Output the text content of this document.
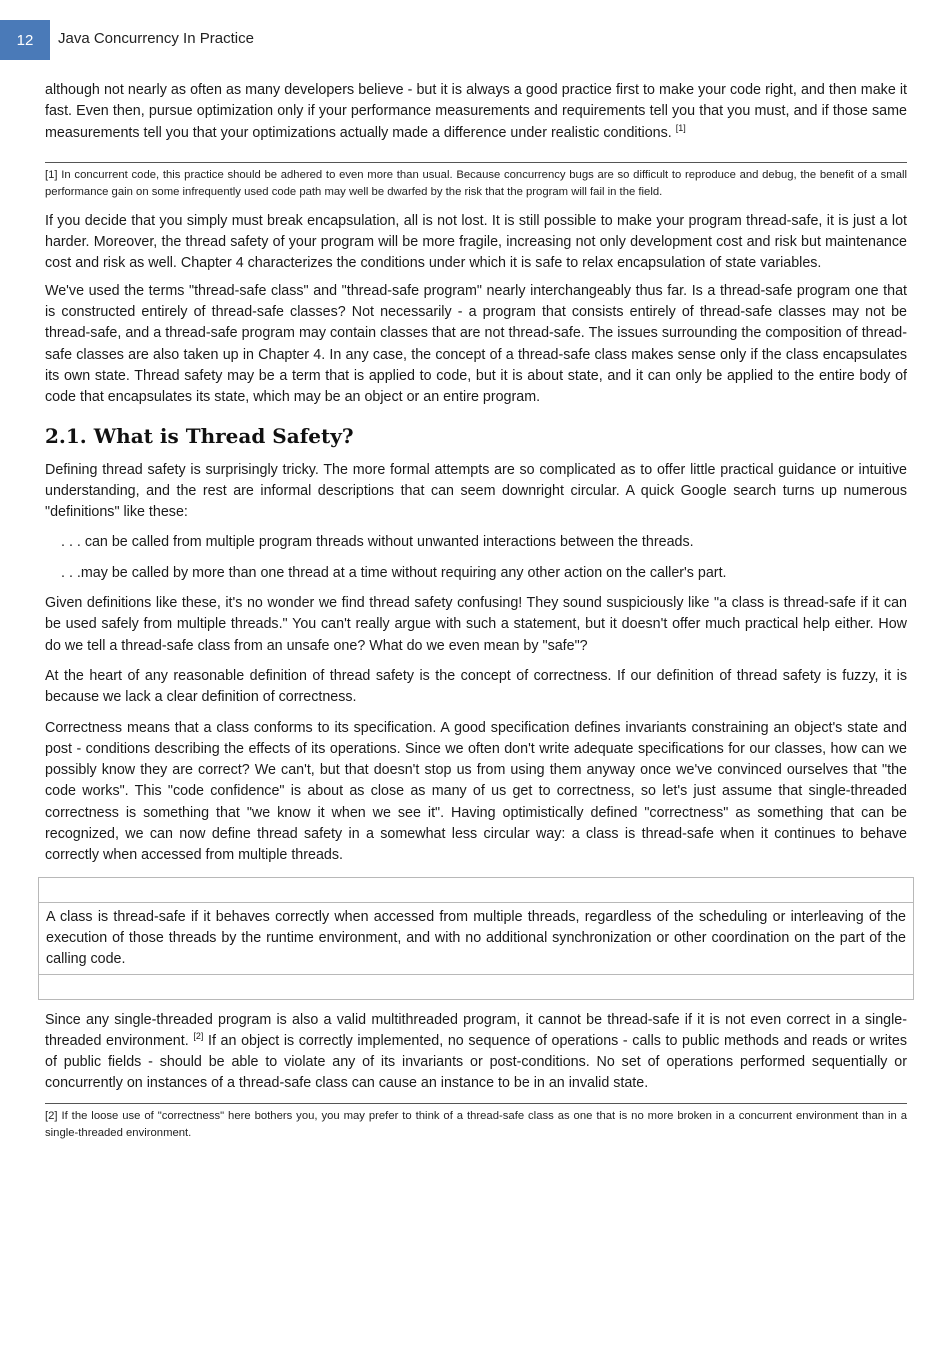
12	Java Concurrency In Practice

although not nearly as often as many developers believe - but it is always a good practice first to make your code right, and then make it fast. Even then, pursue optimization only if your performance measurements and requirements tell you that you must, and if those same measurements tell you that your optimizations actually made a difference under realistic conditions. [1]

[1] In concurrent code, this practice should be adhered to even more than usual. Because concurrency bugs are so difficult to reproduce and debug, the benefit of a small performance gain on some infrequently used code path may well be dwarfed by the risk that the program will fail in the field.

If you decide that you simply must break encapsulation, all is not lost. It is still possible to make your program thread-safe, it is just a lot harder. Moreover, the thread safety of your program will be more fragile, increasing not only development cost and risk but maintenance cost and risk as well. Chapter 4 characterizes the conditions under which it is safe to relax encapsulation of state variables.

We've used the terms "thread-safe class" and "thread-safe program" nearly interchangeably thus far. Is a thread-safe program one that is constructed entirely of thread-safe classes? Not necessarily - a program that consists entirely of thread-safe classes may not be thread-safe, and a thread-safe program may contain classes that are not thread-safe. The issues surrounding the composition of thread-safe classes are also taken up in Chapter 4. In any case, the concept of a thread-safe class makes sense only if the class encapsulates its own state. Thread safety may be a term that is applied to code, but it is about state, and it can only be applied to the entire body of code that encapsulates its state, which may be an object or an entire program.

2.1. What is Thread Safety?

Defining thread safety is surprisingly tricky. The more formal attempts are so complicated as to offer little practical guidance or intuitive understanding, and the rest are informal descriptions that can seem downright circular. A quick Google search turns up numerous "definitions" like these:

. . . can be called from multiple program threads without unwanted interactions between the threads.
. . .may be called by more than one thread at a time without requiring any other action on the caller's part.

Given definitions like these, it's no wonder we find thread safety confusing! They sound suspiciously like "a class is thread-safe if it can be used safely from multiple threads." You can't really argue with such a statement, but it doesn't offer much practical help either. How do we tell a thread-safe class from an unsafe one? What do we even mean by "safe"?

At the heart of any reasonable definition of thread safety is the concept of correctness. If our definition of thread safety is fuzzy, it is because we lack a clear definition of correctness.

Correctness means that a class conforms to its specification. A good specification defines invariants constraining an object's state and post - conditions describing the effects of its operations. Since we often don't write adequate specifications for our classes, how can we possibly know they are correct? We can't, but that doesn't stop us from using them anyway once we've convinced ourselves that "the code works". This "code confidence" is about as close as many of us get to correctness, so let's just assume that single-threaded correctness is something that "we know it when we see it". Having optimistically defined "correctness" as something that can be recognized, we can now define thread safety in a somewhat less circular way: a class is thread-safe when it continues to behave correctly when accessed from multiple threads.

A class is thread-safe if it behaves correctly when accessed from multiple threads, regardless of the scheduling or interleaving of the execution of those threads by the runtime environment, and with no additional synchronization or other coordination on the part of the calling code.

Since any single-threaded program is also a valid multithreaded program, it cannot be thread-safe if it is not even correct in a single-threaded environment. [2] If an object is correctly implemented, no sequence of operations - calls to public methods and reads or writes of public fields - should be able to violate any of its invariants or post-conditions. No set of operations performed sequentially or concurrently on instances of a thread-safe class can cause an instance to be in an invalid state.

[2] If the loose use of "correctness" here bothers you, you may prefer to think of a thread-safe class as one that is no more broken in a concurrent environment than in a single-threaded environment.
